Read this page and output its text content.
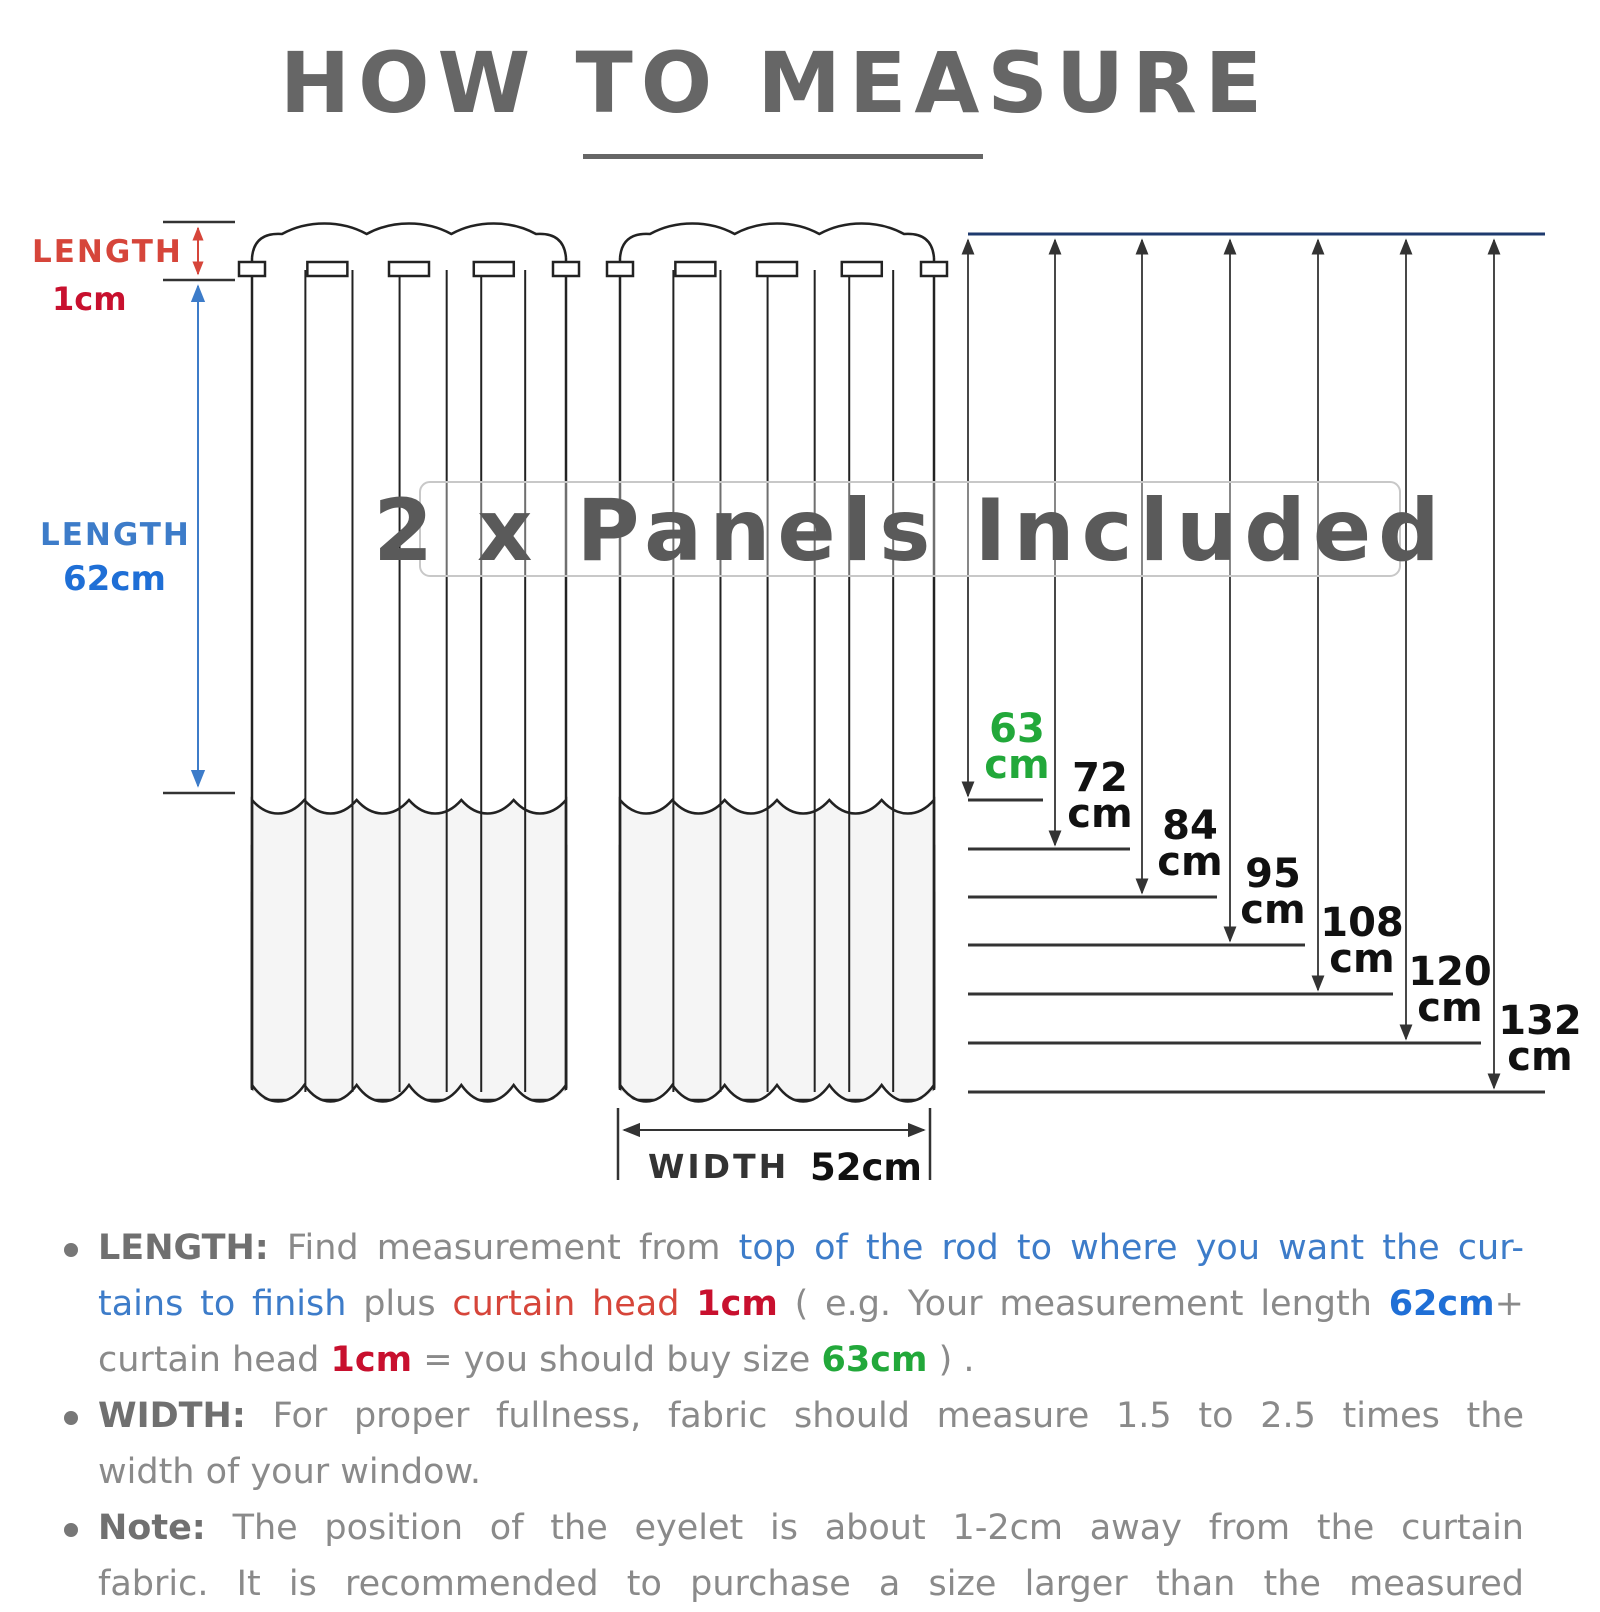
HOW TO MEASURE
LENGTH
1cm
LENGTH
62cm
WIDTH 52cm
63
cm 72
cm 84
cm 95
cm 108
cm 120
cm 132
cm
2 x Panels Included
LENGTH: Find measurement from top of the rod to where you want the cur-
tains to finish plus curtain head 1cm ( e.g. Your measurement length 62cm+
curtain head 1cm = you should buy size 63cm ) .
WIDTH: For proper fullness, fabric should measure 1.5 to 2.5 times the
width of your window.
Note: The position of the eyelet is about 1-2cm away from the curtain
fabric. It is recommended to purchase a size larger than the measured
